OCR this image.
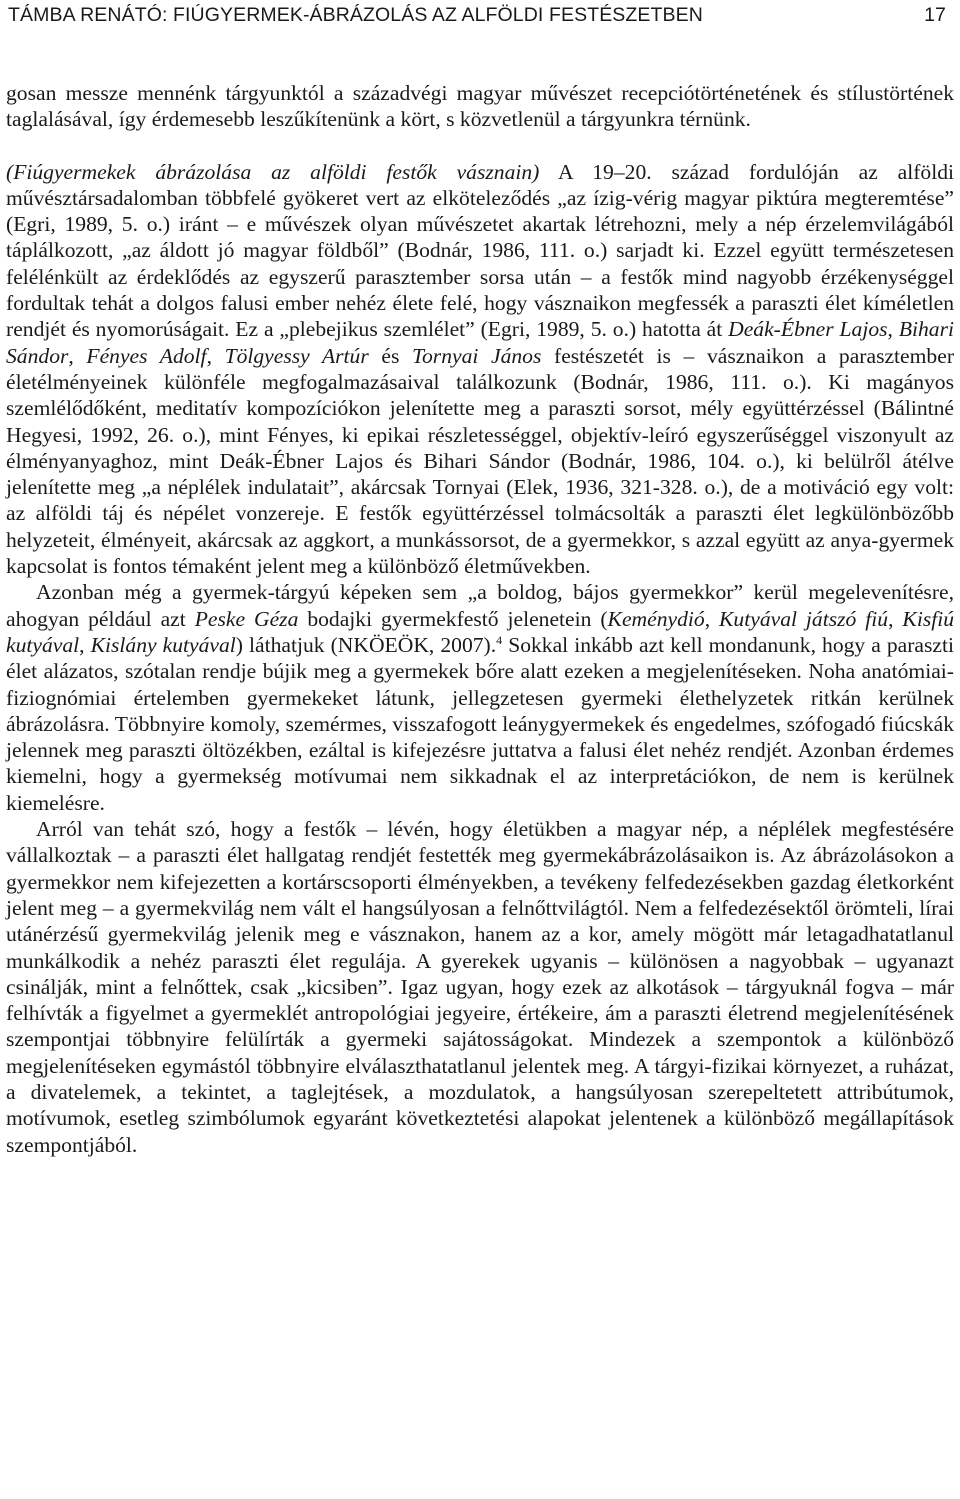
TÁMBA RENÁTÓ: FIÚGYERMEK-ÁBRÁZOLÁS AZ ALFÖLDI FESTÉSZETBEN	17

gosan messze mennénk tárgyunktól a századvégi magyar művészet recepciótörténetének és stílustörtének taglalásával, így érdemesebb leszűkítenünk a kört, s közvetlenül a tárgyunkra térnünk.

(Fiúgyermekek ábrázolása az alföldi festők vásznain) A 19–20. század fordulóján az alföldi művésztársadalomban többfelé gyökeret vert az elköteleződés „az ízig-vérig magyar piktúra megteremtése” (Egri, 1989, 5. o.) iránt – e művészek olyan művészetet akartak létrehozni, mely a nép érzelemvilágából táplálkozott, „az áldott jó magyar földből” (Bodnár, 1986, 111. o.) sarjadt ki. Ezzel együtt természetesen felélénkült az érdeklődés az egyszerű parasztember sorsa után – a festők mind nagyobb érzékenységgel fordultak tehát a dolgos falusi ember nehéz élete felé, hogy vásznaikon megfessék a paraszti élet kíméletlen rendjét és nyomorúságait. Ez a „plebejikus szemlélet” (Egri, 1989, 5. o.) hatotta át Deák-Ébner Lajos, Bihari Sándor, Fényes Adolf, Tölgyessy Artúr és Tornyai János festészetét is – vásznaikon a parasztember életélményeinek különféle megfogalmazásaival találkozunk (Bodnár, 1986, 111. o.). Ki magányos szemlélődőként, meditatív kompozíciókon jelenítette meg a paraszti sorsot, mély együttérzéssel (Bálintné Hegyesi, 1992, 26. o.), mint Fényes, ki epikai részletességgel, objektív-leíró egyszerűséggel viszonyult az élményanyaghoz, mint Deák-Ébner Lajos és Bihari Sándor (Bodnár, 1986, 104. o.), ki belülről átélve jelenítette meg „a néplélek indulatait”, akárcsak Tornyai (Elek, 1936, 321-328. o.), de a motiváció egy volt: az alföldi táj és népélet vonzereje. E festők együttérzéssel tolmácsolták a paraszti élet legkülönbözőbb helyzeteit, élményeit, akárcsak az aggkort, a munkássorsot, de a gyermekkor, s azzal együtt az anya-gyermek kapcsolat is fontos témaként jelent meg a különböző életművekben.

Azonban még a gyermek-tárgyú képeken sem „a boldog, bájos gyermekkor” kerül megelevenítésre, ahogyan például azt Peske Géza bodajki gyermekfestő jelenetein (Keménydió, Kutyával játszó fiú, Kisfiú kutyával, Kislány kutyával) láthatjuk (NKÖEÖK, 2007).$^4$ Sokkal inkább azt kell mondanunk, hogy a paraszti élet alázatos, szótalan rendje bújik meg a gyermekek bőre alatt ezeken a megjelenítéseken. Noha anatómiai-fiziognómiai értelemben gyermekeket látunk, jellegzetesen gyermeki élethelyzetek ritkán kerülnek ábrázolásra. Többnyire komoly, szemérmes, visszafogott leánygyermekek és engedelmes, szófogadó fiúcskák jelennek meg paraszti öltözékben, ezáltal is kifejezésre juttatva a falusi élet nehéz rendjét. Azonban érdemes kiemelni, hogy a gyermekség motívumai nem sikkadnak el az interpretációkon, de nem is kerülnek kiemelésre.

Arról van tehát szó, hogy a festők – lévén, hogy életükben a magyar nép, a néplélek megfestésére vállalkoztak – a paraszti élet hallgatag rendjét festették meg gyermekábrázolásaikon is. Az ábrázolásokon a gyermekkor nem kifejezetten a kortárscsoporti élményekben, a tevékeny felfedezésekben gazdag életkorként jelent meg – a gyermekvilág nem vált el hangsúlyosan a felnőttvilágtól. Nem a felfedezésektől örömteli, lírai utánérzésű gyermekvilág jelenik meg e vásznakon, hanem az a kor, amely mögött már letagadhatatlanul munkálkodik a nehéz paraszti élet regulája. A gyerekek ugyanis – különösen a nagyobbak – ugyanazt csinálják, mint a felnőttek, csak „kicsiben”. Igaz ugyan, hogy ezek az alkotások – tárgyuknál fogva – már felhívták a figyelmet a gyermeklét antropológiai jegyeire, értékeire, ám a paraszti életrend megjelenítésének szempontjai többnyire felülírták a gyermeki sajátosságokat. Mindezek a szempontok a különböző megjelenítéseken egymástól többnyire elválaszthatatlanul jelentek meg. A tárgyi-fizikai környezet, a ruházat, a divatelemek, a tekintet, a taglejtések, a mozdulatok, a hangsúlyosan szerepeltetett attribútumok, motívumok, esetleg szimbólumok egyaránt következtetési alapokat jelentenek a különböző megállapítások szempontjából.
